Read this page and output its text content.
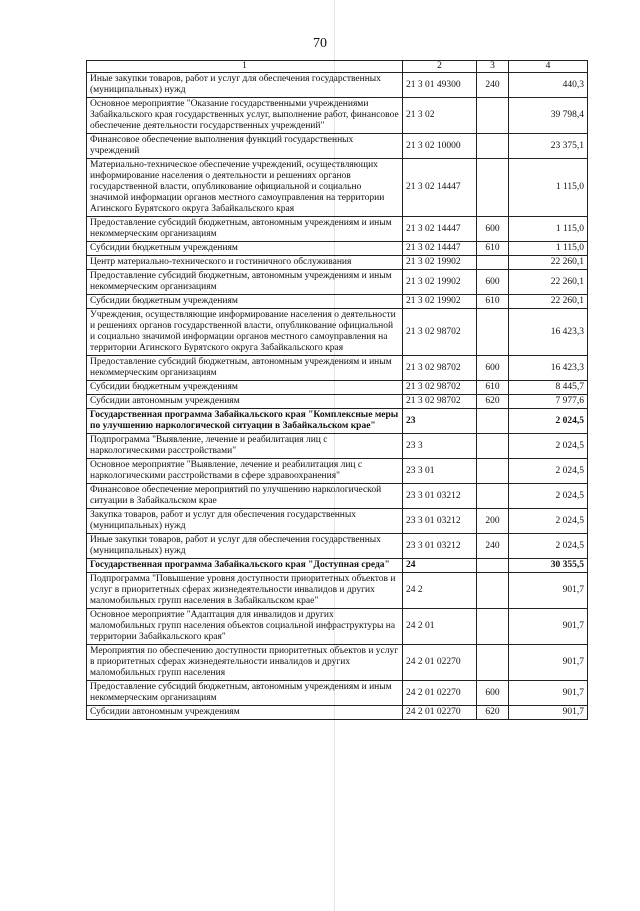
70
1	2	3	4
Иные закупки товаров, работ и услуг для обеспечения государственных (муниципальных) нужд	21 3 01 49300	240	440,3
Основное мероприятие "Оказание государственными учреждениями Забайкальского края государственных услуг, выполнение работ, финансовое обеспечение деятельности государственных учреждений"	21 3 02		39 798,4
Финансовое обеспечение выполнения функций государственных учреждений	21 3 02 10000		23 375,1
Материально-техническое обеспечение учреждений, осуществляющих информирование населения о деятельности и решениях органов государственной власти, опубликование официальной и социально значимой информации органов местного самоуправления на территории Агинского Бурятского округа Забайкальского края	21 3 02 14447		1 115,0
Предоставление субсидий бюджетным, автономным учреждениям и иным некоммерческим организациям	21 3 02 14447	600	1 115,0
Субсидии бюджетным учреждениям	21 3 02 14447	610	1 115,0
Центр материально-технического и гостиничного обслуживания	21 3 02 19902		22 260,1
Предоставление субсидий бюджетным, автономным учреждениям и иным некоммерческим организациям	21 3 02 19902	600	22 260,1
Субсидии бюджетным учреждениям	21 3 02 19902	610	22 260,1
Учреждения, осуществляющие информирование населения о деятельности и решениях органов государственной власти, опубликование официальной и социально значимой информации органов местного самоуправления на территории Агинского Бурятского округа Забайкальского края	21 3 02 98702		16 423,3
Предоставление субсидий бюджетным, автономным учреждениям и иным некоммерческим организациям	21 3 02 98702	600	16 423,3
Субсидии бюджетным учреждениям	21 3 02 98702	610	8 445,7
Субсидии автономным учреждениям	21 3 02 98702	620	7 977,6
Государственная программа Забайкальского края "Комплексные меры по улучшению наркологической ситуации в Забайкальском крае"	23		2 024,5
Подпрограмма "Выявление, лечение и реабилитация лиц с наркологическими расстройствами"	23 3		2 024,5
Основное мероприятие "Выявление, лечение и реабилитация лиц с наркологическими расстройствами в сфере здравоохранения"	23 3 01		2 024,5
Финансовое обеспечение мероприятий по улучшению наркологической ситуации в Забайкальском крае	23 3 01 03212		2 024,5
Закупка товаров, работ и услуг для обеспечения государственных (муниципальных) нужд	23 3 01 03212	200	2 024,5
Иные закупки товаров, работ и услуг для обеспечения государственных (муниципальных) нужд	23 3 01 03212	240	2 024,5
Государственная программа Забайкальского края "Доступная среда"	24		30 355,5
Подпрограмма "Повышение уровня доступности приоритетных объектов и услуг в приоритетных сферах жизнедеятельности инвалидов и других маломобильных групп населения в Забайкальском крае"	24 2		901,7
Основное мероприятие "Адаптация для инвалидов и других маломобильных групп населения объектов социальной инфраструктуры на территории Забайкальского края"	24 2 01		901,7
Мероприятия по обеспечению доступности приоритетных объектов и услуг в приоритетных сферах жизнедеятельности инвалидов и других маломобильных групп населения	24 2 01 02270		901,7
Предоставление субсидий бюджетным, автономным учреждениям и иным некоммерческим организациям	24 2 01 02270	600	901,7
Субсидии автономным учреждениям	24 2 01 02270	620	901,7
